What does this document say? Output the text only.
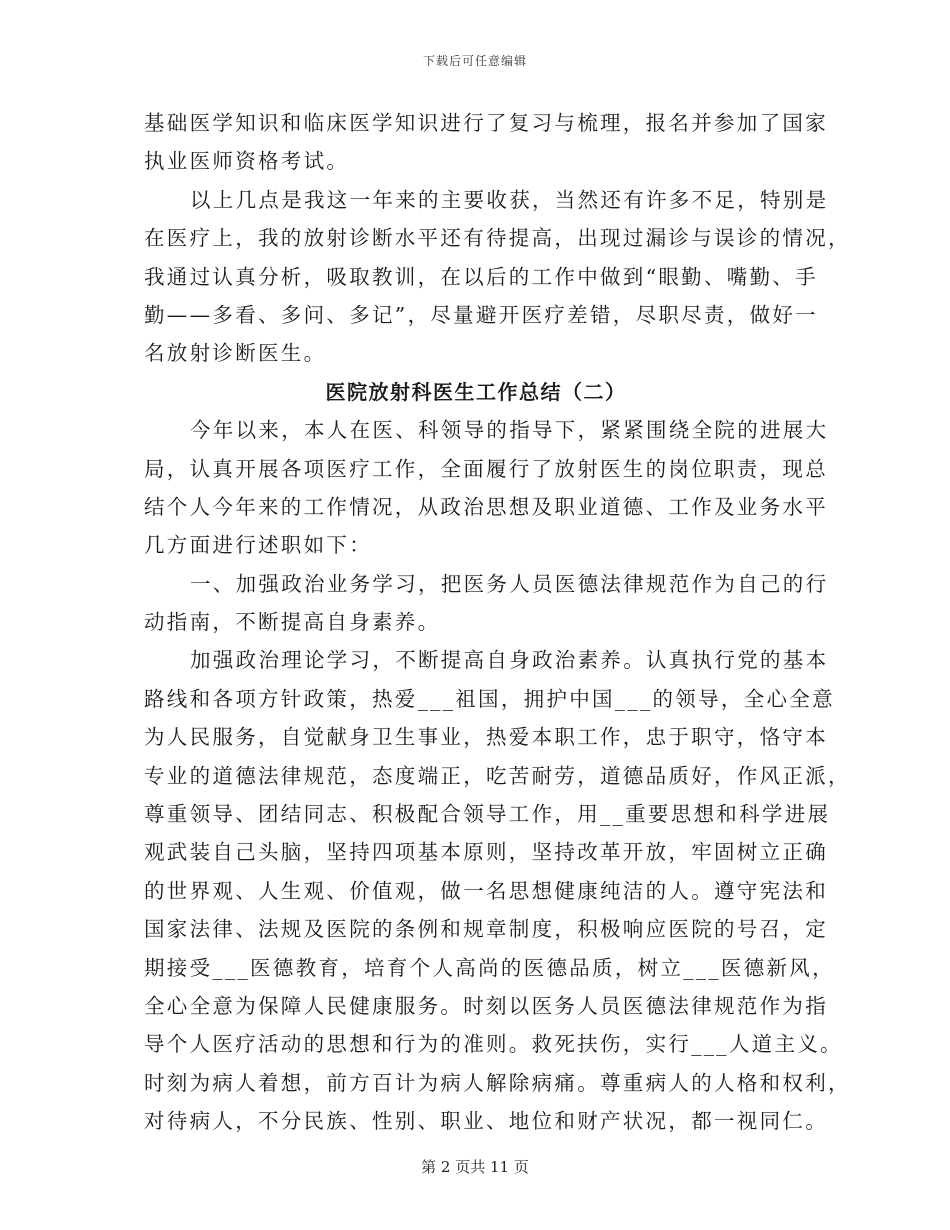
下载后可任意编辑
基础医学知识和临床医学知识进行了复习与梳理，报名并参加了国家
执业医师资格考试。
以上几点是我这一年来的主要收获，当然还有许多不足，特别是
在医疗上，我的放射诊断水平还有待提高，出现过漏诊与误诊的情况，
我通过认真分析，吸取教训，在以后的工作中做到“眼勤、嘴勤、手
勤——多看、多问、多记”，尽量避开医疗差错，尽职尽责，做好一
名放射诊断医生。
医院放射科医生工作总结（二）
今年以来，本人在医、科领导的指导下，紧紧围绕全院的进展大
局，认真开展各项医疗工作，全面履行了放射医生的岗位职责，现总
结个人今年来的工作情况，从政治思想及职业道德、工作及业务水平
几方面进行述职如下：
一、加强政治业务学习，把医务人员医德法律规范作为自己的行
动指南，不断提高自身素养。
加强政治理论学习，不断提高自身政治素养。认真执行党的基本
路线和各项方针政策，热爱___祖国，拥护中国___的领导，全心全意
为人民服务，自觉献身卫生事业，热爱本职工作，忠于职守，恪守本
专业的道德法律规范，态度端正，吃苦耐劳，道德品质好，作风正派，
尊重领导、团结同志、积极配合领导工作，用__重要思想和科学进展
观武装自己头脑，坚持四项基本原则，坚持改革开放，牢固树立正确
的世界观、人生观、价值观，做一名思想健康纯洁的人。遵守宪法和
国家法律、法规及医院的条例和规章制度，积极响应医院的号召，定
期接受___医德教育，培育个人高尚的医德品质，树立___医德新风，
全心全意为保障人民健康服务。时刻以医务人员医德法律规范作为指
导个人医疗活动的思想和行为的准则。救死扶伤，实行___人道主义。
时刻为病人着想，前方百计为病人解除病痛。尊重病人的人格和权利，
对待病人，不分民族、性别、职业、地位和财产状况，都一视同仁。
第 2 页共 11 页
